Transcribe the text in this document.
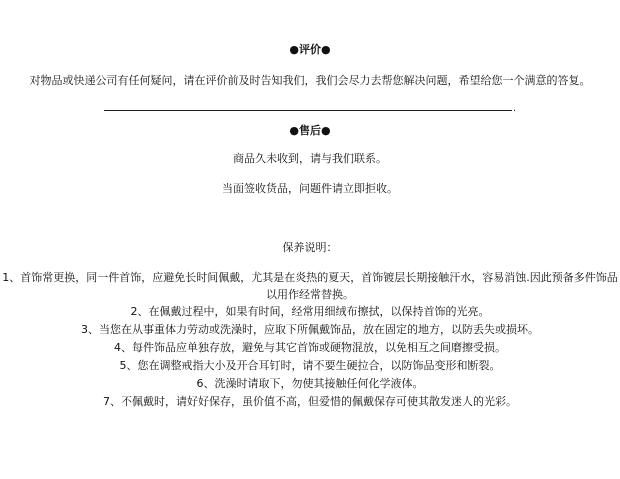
●评价●
对物品或快递公司有任何疑问，请在评价前及时告知我们，我们会尽力去帮您解决问题，希望给您一个满意的答复。
.
●售后●
商品久未收到，请与我们联系。
当面签收货品，问题件请立即拒收。
保养说明：
1、首饰常更换，同一件首饰，应避免长时间佩戴，尤其是在炎热的夏天，首饰镀层长期接触汗水，容易消蚀.因此预备多件饰品以用作经常替换。
2、在佩戴过程中，如果有时间，经常用细绒布擦拭，以保持首饰的光亮。
3、当您在从事重体力劳动或洗澡时，应取下所佩戴饰品，放在固定的地方，以防丢失或损坏。
4、每件饰品应单独存放，避免与其它首饰或硬物混放，以免相互之间磨擦受损。
5、您在调整戒指大小及开合耳钉时，请不要生硬拉合，以防饰品变形和断裂。
6、洗澡时请取下，勿使其接触任何化学液体。
7、不佩戴时，请好好保存，虽价值不高，但爱惜的佩戴保存可使其散发迷人的光彩。
